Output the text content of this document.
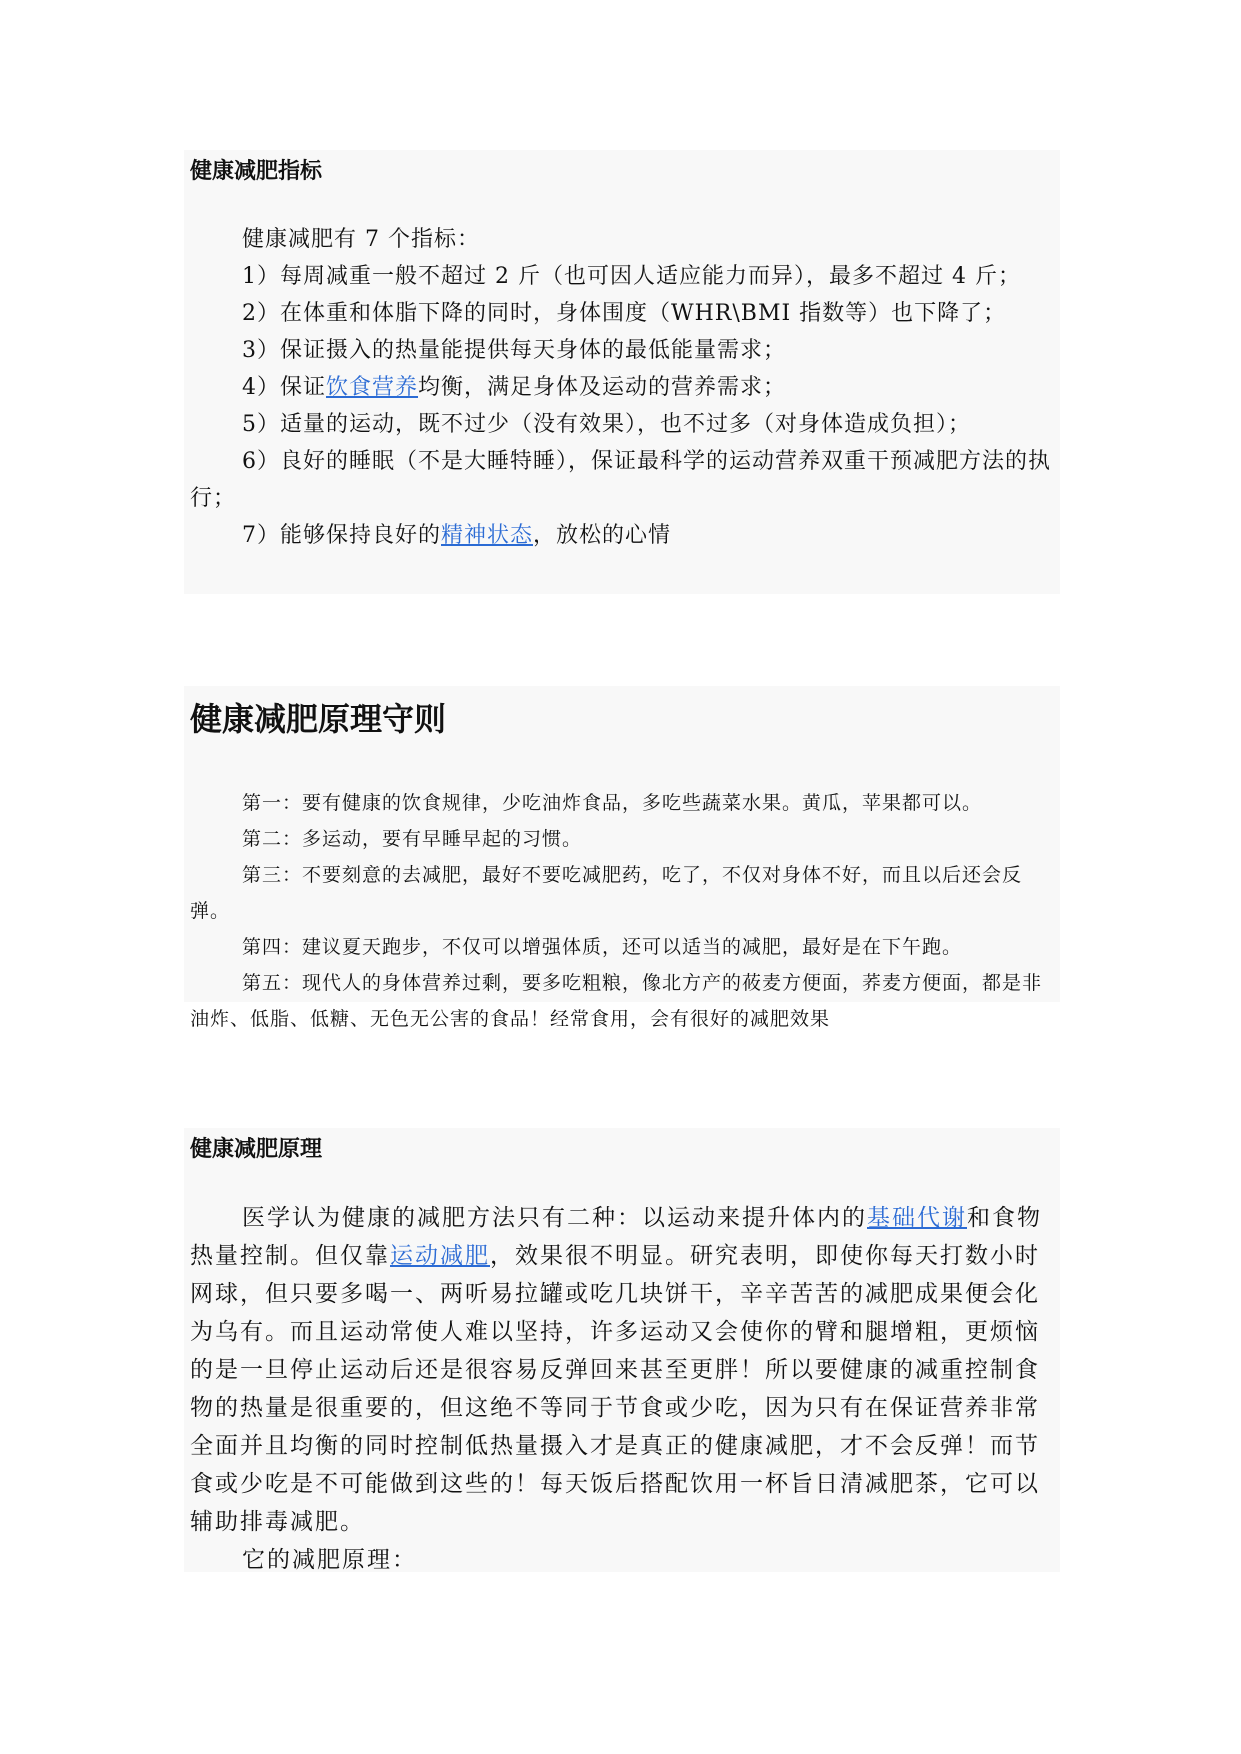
健康减肥指标

健康减肥有 7 个指标：

1）每周减重一般不超过 2 斤（也可因人适应能力而异），最多不超过 4 斤；

2）在体重和体脂下降的同时，身体围度（WHR\BMI 指数等）也下降了；

3）保证摄入的热量能提供每天身体的最低能量需求；

4）保证饮食营养均衡，满足身体及运动的营养需求；

5）适量的运动，既不过少（没有效果），也不过多（对身体造成负担）；

6）良好的睡眠（不是大睡特睡），保证最科学的运动营养双重干预减肥方法的执行；

7）能够保持良好的精神状态，放松的心情

健康减肥原理守则

第一：要有健康的饮食规律，少吃油炸食品，多吃些蔬菜水果。黄瓜，苹果都可以。

第二：多运动，要有早睡早起的习惯。

第三：不要刻意的去减肥，最好不要吃减肥药，吃了，不仅对身体不好，而且以后还会反弹。

第四：建议夏天跑步，不仅可以增强体质，还可以适当的减肥，最好是在下午跑。

第五：现代人的身体营养过剩，要多吃粗粮，像北方产的莜麦方便面，荞麦方便面，都是非油炸、低脂、低糖、无色无公害的食品！经常食用，会有很好的减肥效果

健康减肥原理

医学认为健康的减肥方法只有二种：以运动来提升体内的基础代谢和食物热量控制。但仅靠运动减肥，效果很不明显。研究表明，即使你每天打数小时网球，但只要多喝一、两听易拉罐或吃几块饼干，辛辛苦苦的减肥成果便会化为乌有。而且运动常使人难以坚持，许多运动又会使你的臂和腿增粗，更烦恼的是一旦停止运动后还是很容易反弹回来甚至更胖！所以要健康的减重控制食物的热量是很重要的，但这绝不等同于节食或少吃，因为只有在保证营养非常全面并且均衡的同时控制低热量摄入才是真正的健康减肥，才不会反弹！而节食或少吃是不可能做到这些的！每天饭后搭配饮用一杯旨日清减肥茶，它可以辅助排毒减肥。

它的减肥原理：
